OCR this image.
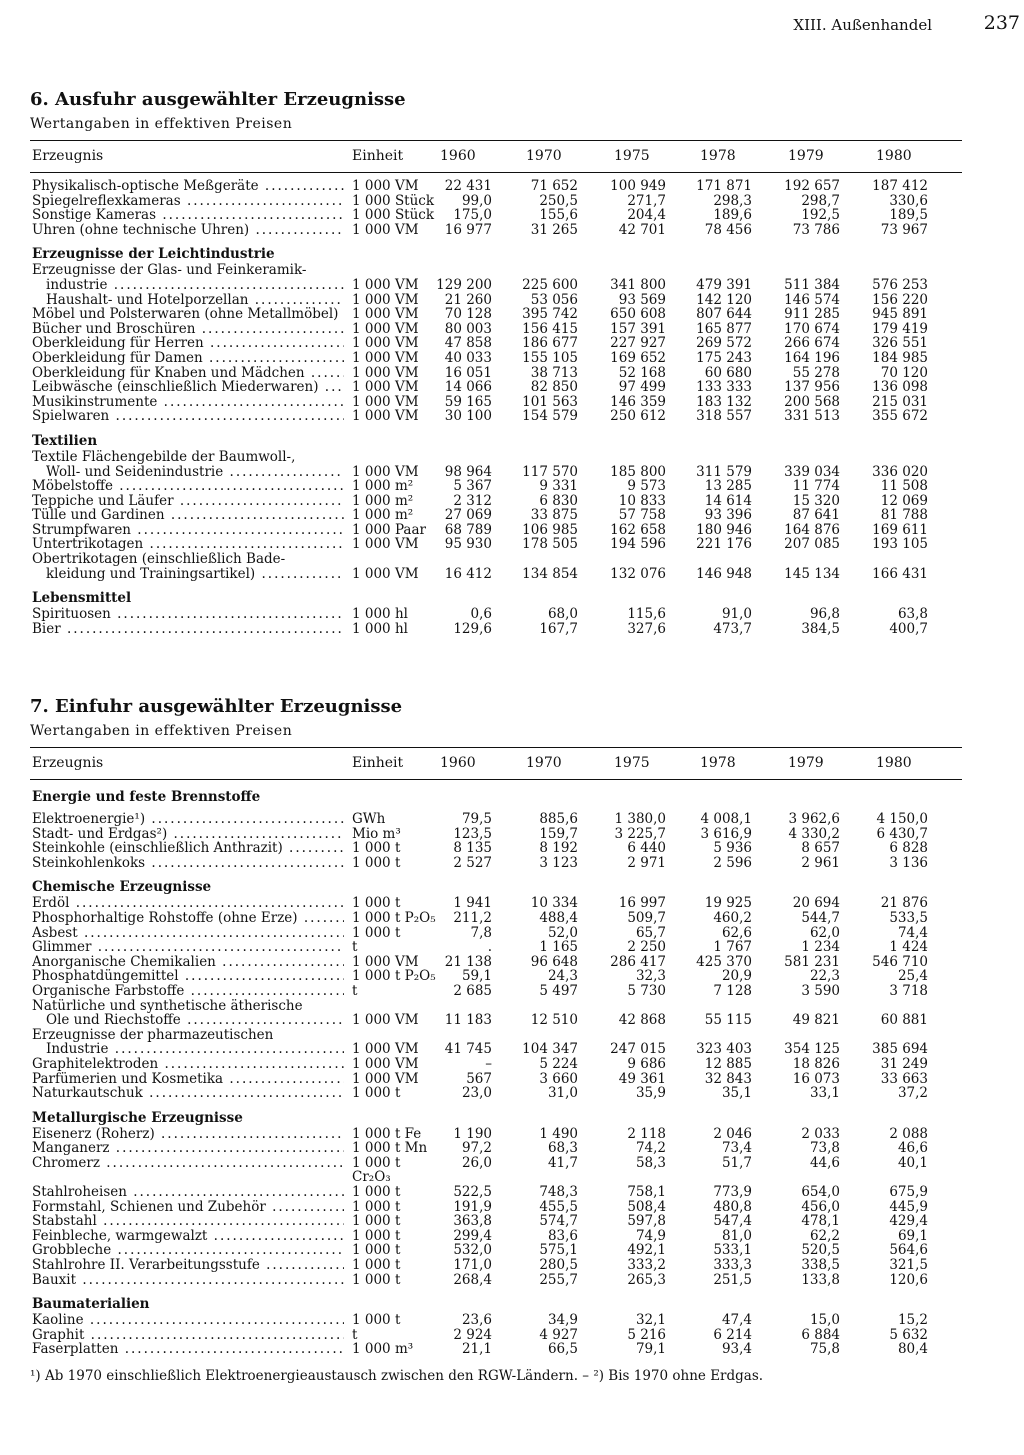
XIII. Außenhandel	237
6. Ausfuhr ausgewählter Erzeugnisse

Wertangaben in effektiven Preisen

Erzeugnis	Einheit	1960	1970	1975	1978	1979	1980
Physikalisch-optische Meßgeräte .....	1 000 VM	22 431	71 652	100 949	171 871	192 657	187 412
Spiegelreflexkameras .....	1 000 Stück	99,0	250,5	271,7	298,3	298,7	330,6
Sonstige Kameras .....	1 000 Stück	175,0	155,6	204,4	189,6	192,5	189,5
Uhren (ohne technische Uhren) .....	1 000 VM	16 977	31 265	42 701	78 456	73 786	73 967
Erzeugnisse der Leichtindustrie
Erzeugnisse der Glas- und Feinkeramik-
industrie .....	1 000 VM	129 200	225 600	341 800	479 391	511 384	576 253
Haushalt- und Hotelporzellan .....	1 000 VM	21 260	53 056	93 569	142 120	146 574	156 220
Möbel und Polsterwaren (ohne Metallmöbel) .....	1 000 VM	70 128	395 742	650 608	807 644	911 285	945 891
Bücher und Broschüren .....	1 000 VM	80 003	156 415	157 391	165 877	170 674	179 419
Oberkleidung für Herren .....	1 000 VM	47 858	186 677	227 927	269 572	266 674	326 551
Oberkleidung für Damen .....	1 000 VM	40 033	155 105	169 652	175 243	164 196	184 985
Oberkleidung für Knaben und Mädchen .....	1 000 VM	16 051	38 713	52 168	60 680	55 278	70 120
Leibwäsche (einschließlich Miederwaren) .....	1 000 VM	14 066	82 850	97 499	133 333	137 956	136 098
Musikinstrumente .....	1 000 VM	59 165	101 563	146 359	183 132	200 568	215 031
Spielwaren .....	1 000 VM	30 100	154 579	250 612	318 557	331 513	355 672
Textilien
Textile Flächengebilde der Baumwoll-,
Woll- und Seidenindustrie .....	1 000 VM	98 964	117 570	185 800	311 579	339 034	336 020
Möbelstoffe .....	1 000 m²	5 367	9 331	9 573	13 285	11 774	11 508
Teppiche und Läufer .....	1 000 m²	2 312	6 830	10 833	14 614	15 320	12 069
Tülle und Gardinen .....	1 000 m²	27 069	33 875	57 758	93 396	87 641	81 788
Strumpfwaren .....	1 000 Paar	68 789	106 985	162 658	180 946	164 876	169 611
Untertrikotagen .....	1 000 VM	95 930	178 505	194 596	221 176	207 085	193 105
Obertrikotagen (einschließlich Bade-
kleidung und Trainingsartikel) .....	1 000 VM	16 412	134 854	132 076	146 948	145 134	166 431
Lebensmittel
Spirituosen .....	1 000 hl	0,6	68,0	115,6	91,0	96,8	63,8
Bier .....	1 000 hl	129,6	167,7	327,6	473,7	384,5	400,7
7. Einfuhr ausgewählter Erzeugnisse

Wertangaben in effektiven Preisen

Erzeugnis	Einheit	1960	1970	1975	1978	1979	1980
Energie und feste Brennstoffe
Elektroenergie¹) .....	GWh	79,5	885,6	1 380,0	4 008,1	3 962,6	4 150,0
Stadt- und Erdgas²) .....	Mio m³	123,5	159,7	3 225,7	3 616,9	4 330,2	6 430,7
Steinkohle (einschließlich Anthrazit) .....	1 000 t	8 135	8 192	6 440	5 936	8 657	6 828
Steinkohlenkoks .....	1 000 t	2 527	3 123	2 971	2 596	2 961	3 136
Chemische Erzeugnisse
Erdöl .....	1 000 t	1 941	10 334	16 997	19 925	20 694	21 876
Phosphorhaltige Rohstoffe (ohne Erze) .....	1 000 t P₂O₅	211,2	488,4	509,7	460,2	544,7	533,5
Asbest .....	1 000 t	7,8	52,0	65,7	62,6	62,0	74,4
Glimmer .....	t	.	1 165	2 250	1 767	1 234	1 424
Anorganische Chemikalien .....	1 000 VM	21 138	96 648	286 417	425 370	581 231	546 710
Phosphatdüngemittel .....	1 000 t P₂O₅	59,1	24,3	32,3	20,9	22,3	25,4
Organische Farbstoffe .....	t	2 685	5 497	5 730	7 128	3 590	3 718
Natürliche und synthetische ätherische
Öle und Riechstoffe .....	1 000 VM	11 183	12 510	42 868	55 115	49 821	60 881
Erzeugnisse der pharmazeutischen
Industrie .....	1 000 VM	41 745	104 347	247 015	323 403	354 125	385 694
Graphitelektroden .....	1 000 VM	–	5 224	9 686	12 885	18 826	31 249
Parfümerien und Kosmetika .....	1 000 VM	567	3 660	49 361	32 843	16 073	33 663
Naturkautschuk .....	1 000 t	23,0	31,0	35,9	35,1	33,1	37,2
Metallurgische Erzeugnisse
Eisenerz (Roherz) .....	1 000 t Fe	1 190	1 490	2 118	2 046	2 033	2 088
Manganerz .....	1 000 t Mn	97,2	68,3	74,2	73,4	73,8	46,6
Chromerz .....	1 000 t	26,0	41,7	58,3	51,7	44,6	40,1
Cr₂O₃
Stahlroheisen .....	1 000 t	522,5	748,3	758,1	773,9	654,0	675,9
Formstahl, Schienen und Zubehör .....	1 000 t	191,9	455,5	508,4	480,8	456,0	445,9
Stabstahl .....	1 000 t	363,8	574,7	597,8	547,4	478,1	429,4
Feinbleche, warmgewalzt .....	1 000 t	299,4	83,6	74,9	81,0	62,2	69,1
Grobbleche .....	1 000 t	532,0	575,1	492,1	533,1	520,5	564,6
Stahlrohre II. Verarbeitungsstufe .....	1 000 t	171,0	280,5	333,2	333,3	338,5	321,5
Bauxit .....	1 000 t	268,4	255,7	265,3	251,5	133,8	120,6
Baumaterialien
Kaoline .....	1 000 t	23,6	34,9	32,1	47,4	15,0	15,2
Graphit .....	t	2 924	4 927	5 216	6 214	6 884	5 632
Faserplatten .....	1 000 m³	21,1	66,5	79,1	93,4	75,8	80,4
¹) Ab 1970 einschließlich Elektroenergieaustausch zwischen den RGW-Ländern. – ²) Bis 1970 ohne Erdgas.
